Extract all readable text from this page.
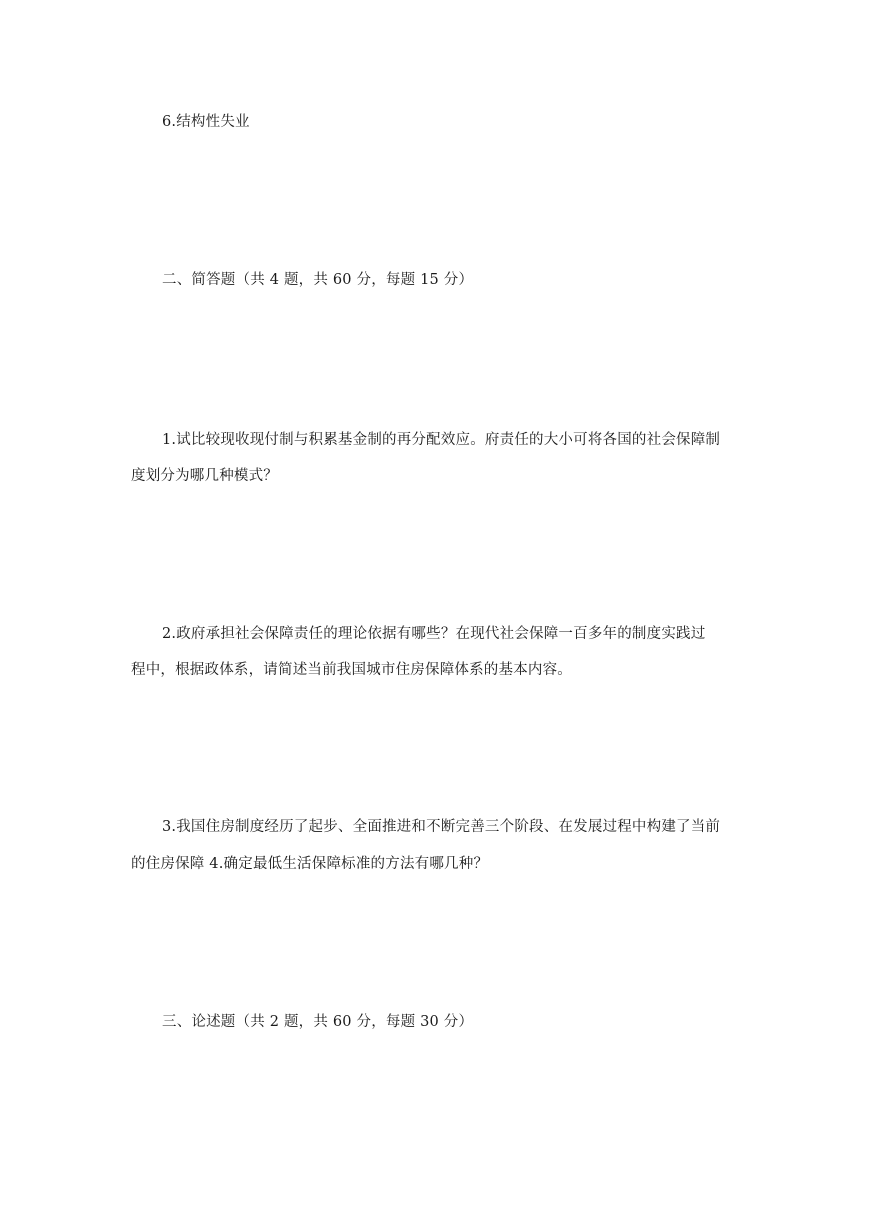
6.结构性失业
二、简答题（共 4 题，共 60 分，每题 15 分）
1.试比较现收现付制与积累基金制的再分配效应。府责任的大小可将各国的社会保障制
度划分为哪几种模式？
2.政府承担社会保障责任的理论依据有哪些？在现代社会保障一百多年的制度实践过
程中，根据政体系，请简述当前我国城市住房保障体系的基本内容。
3.我国住房制度经历了起步、全面推进和不断完善三个阶段、在发展过程中构建了当前
的住房保障 4.确定最低生活保障标准的方法有哪几种？
三、论述题（共 2 题，共 60 分，每题 30 分）
